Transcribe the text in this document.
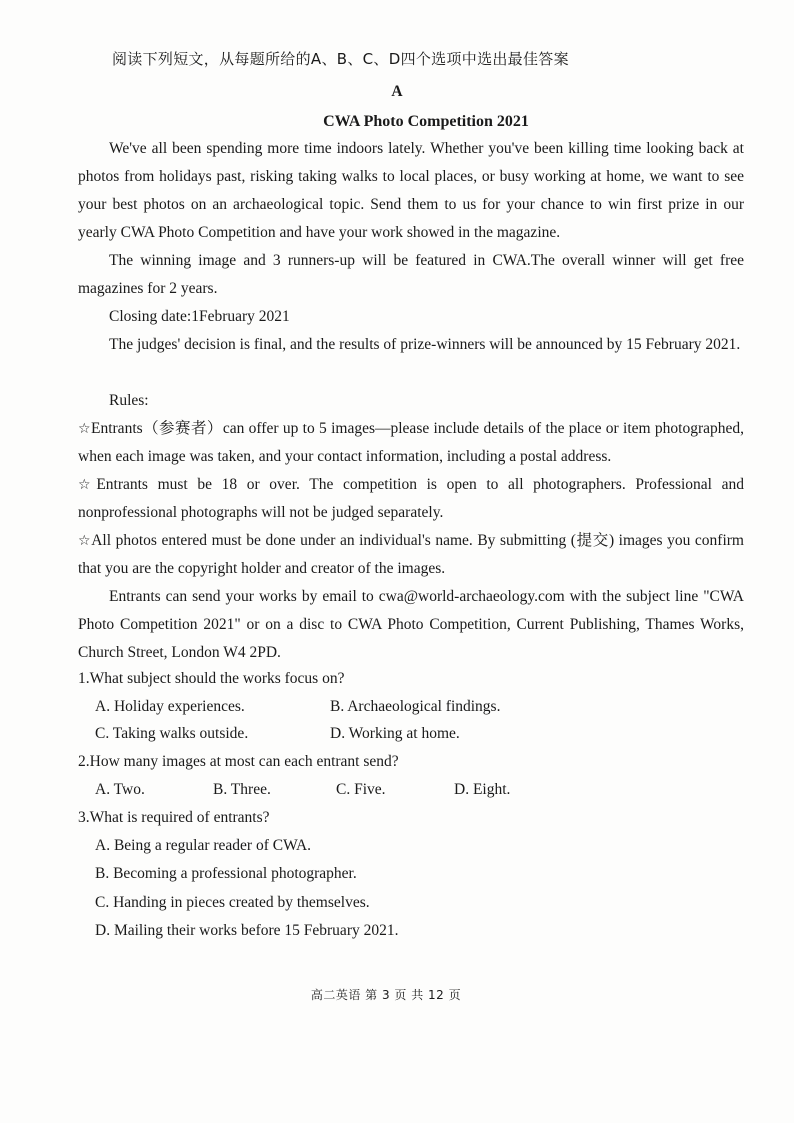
阅读下列短文，从每题所给的A、B、C、D四个选项中选出最佳答案
A
CWA Photo Competition 2021

We've all been spending more time indoors lately. Whether you've been killing time looking back at photos from holidays past, risking taking walks to local places, or busy working at home, we want to see your best photos on an archaeological topic. Send them to us for your chance to win first prize in our yearly CWA Photo Competition and have your work showed in the magazine.

The winning image and 3 runners-up will be featured in CWA.The overall winner will get free magazines for 2 years.

Closing date:1February 2021

The judges' decision is final, and the results of prize-winners will be announced by 15 February 2021.

Rules:

☆Entrants（参赛者）can offer up to 5 images—please include details of the place or item photographed, when each image was taken, and your contact information, including a postal address.

☆Entrants must be 18 or over. The competition is open to all photographers. Professional and nonprofessional photographs will not be judged separately.

☆All photos entered must be done under an individual's name. By submitting (提交) images you confirm that you are the copyright holder and creator of the images.

Entrants can send your works by email to cwa@world-archaeology.com with the subject line "CWA Photo Competition 2021" or on a disc to CWA Photo Competition, Current Publishing, Thames Works, Church Street, London W4 2PD.

1.What subject should the works focus on?
A. Holiday experiences.	B. Archaeological findings.
C. Taking walks outside.	D. Working at home.
2.How many images at most can each entrant send?
A. Two.	B. Three.	C. Five.	D. Eight.
3.What is required of entrants?
A. Being a regular reader of CWA.
B. Becoming a professional photographer.
C. Handing in pieces created by themselves.
D. Mailing their works before 15 February 2021.
高二英语 第 3 页 共 12 页
